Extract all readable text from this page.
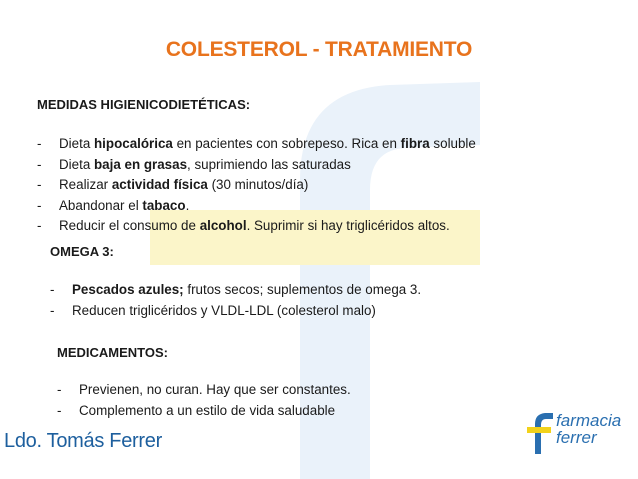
COLESTEROL - TRATAMIENTO
MEDIDAS HIGIENICODIETÉTICAS:
- Dieta hipocalórica en pacientes con sobrepeso. Rica en fibra soluble
- Dieta baja en grasas, suprimiendo las saturadas
- Realizar actividad física (30 minutos/día)
- Abandonar el tabaco.
- Reducir el consumo de alcohol. Suprimir si hay triglicéridos altos.
OMEGA 3:
- Pescados azules; frutos secos; suplementos de omega 3.
- Reducen triglicéridos y VLDL-LDL (colesterol malo)
MEDICAMENTOS:
- Previenen, no curan. Hay que ser constantes.
- Complemento a un estilo de vida saludable
Ldo. Tomás Ferrer
farmacia
ferrer
